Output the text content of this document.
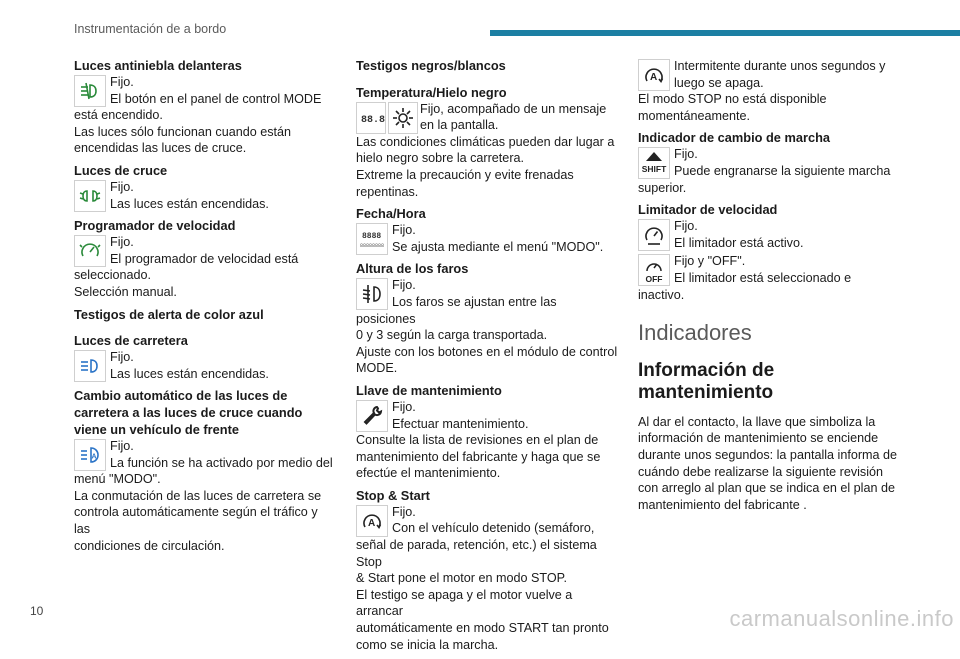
Instrumentación de a bordo
Luces antiniebla delanteras
Fijo.
El botón en el panel de control MODE
está encendido.
Las luces sólo funcionan cuando están
encendidas las luces de cruce.
Luces de cruce
Fijo.
Las luces están encendidas.
Programador de velocidad
Fijo.
El programador de velocidad está
seleccionado.
Selección manual.
Testigos de alerta de color azul
Luces de carretera
Fijo.
Las luces están encendidas.
Cambio automático de las luces de
carretera a las luces de cruce cuando
viene un vehículo de frente
A
Fijo.
La función se ha activado por medio del
menú "MODO".
La conmutación de las luces de carretera se
controla automáticamente según el tráfico y las
condiciones de circulación.
Testigos negros/blancos
Temperatura/Hielo negro
88.8
Fijo, acompañado de un mensaje
en la pantalla.
Las condiciones climáticas pueden dar lugar a
hielo negro sobre la carretera.
Extreme la precaución y evite frenadas
repentinas.
Fecha/Hora
8888
88888888
Fijo.
Se ajusta mediante el menú "MODO".
Altura de los faros
Fijo.
Los faros se ajustan entre las posiciones
0 y 3 según la carga transportada.
Ajuste con los botones en el módulo de control
MODE.
Llave de mantenimiento
Fijo.
Efectuar mantenimiento.
Consulte la lista de revisiones en el plan de
mantenimiento del fabricante y haga que se
efectúe el mantenimiento.
Stop & Start
A
Fijo.
Con el vehículo detenido (semáforo,
señal de parada, retención, etc.) el sistema Stop
& Start pone el motor en modo STOP.
El testigo se apaga y el motor vuelve a arrancar
automáticamente en modo START tan pronto
como se inicia la marcha.
A
Intermitente durante unos segundos y
luego se apaga.
El modo STOP no está disponible
momentáneamente.
Indicador de cambio de marcha
SHIFT
Fijo.
Puede engranarse la siguiente marcha
superior.
Limitador de velocidad
Fijo.
El limitador está activo.
OFF
Fijo y "OFF".
El limitador está seleccionado e inactivo.
Indicadores
Información de
mantenimiento
Al dar el contacto, la llave que simboliza la
información de mantenimiento se enciende
durante unos segundos: la pantalla informa de
cuándo debe realizarse la siguiente revisión
con arreglo al plan que se indica en el plan de
mantenimiento del fabricante .
10	carmanualsonline.info
